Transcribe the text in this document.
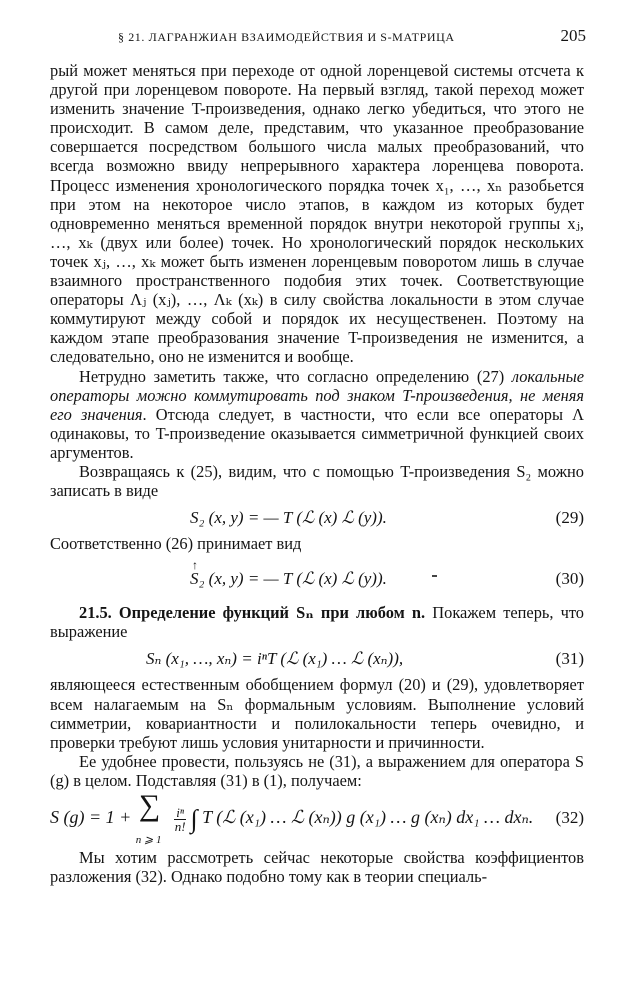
§ 21. ЛАГРАНЖИАН ВЗАИМОДЕЙСТВИЯ И S-МАТРИЦА	205

рый может меняться при переходе от одной лоренцевой системы отсчета к другой при лоренцевом повороте. На первый взгляд, такой переход может изменить значение T-произведения, однако легко убедиться, что этого не происходит. В самом деле, представим, что указанное преобразование совершается посредством большого числа малых преобразований, что всегда возможно ввиду непрерывного характера лоренцева поворота. Процесс изменения хронологического порядка точек x₁, …, xₙ разобьется при этом на некоторое число этапов, в каждом из которых будет одновременно меняться временной порядок внутри некоторой группы xⱼ, …, xₖ (двух или более) точек. Но хронологический порядок нескольких точек xⱼ, …, xₖ может быть изменен лоренцевым поворотом лишь в случае взаимного пространственного подобия этих точек. Соответствующие операторы Λⱼ (xⱼ), …, Λₖ (xₖ) в силу свойства локальности в этом случае коммутируют между собой и порядок их несущественен. Поэтому на каждом этапе преобразования значение T-произведения не изменится, а следовательно, оно не изменится и вообще.

Нетрудно заметить также, что согласно определению (27) локальные операторы можно коммутировать под знаком T-произведения, не меняя его значения. Отсюда следует, в частности, что если все операторы Λ одинаковы, то T-произведение оказывается симметричной функцией своих аргументов.

Возвращаясь к (25), видим, что с помощью T-произведения S₂ можно записать в виде

S₂ (x, y) = — T (ℒ (x) ℒ (y)).	(29)

Соответственно (26) принимает вид

↑ S₂ (x, y) = — T (ℒ (x) ℒ (y)).	(30)

21.5. Определение функций Sₙ при любом n. Покажем теперь, что выражение

Sₙ (x₁, …, xₙ) = iⁿT (ℒ (x₁) … ℒ (xₙ)),	(31)

являющееся естественным обобщением формул (20) и (29), удовлетворяет всем налагаемым на Sₙ формальным условиям. Выполнение условий симметрии, ковариантности и полилокальности теперь очевидно, и проверки требуют лишь условия унитарности и причинности.

Ее удобнее провести, пользуясь не (31), а выражением для оператора S (g) в целом. Подставляя (31) в (1), получаем:

S (g) = 1 + ∑
n ⩾ 1

$\frac{\text{iⁿ}}{n!}$ ∫ T (ℒ (x₁) … ℒ (xₙ)) g (x₁) … g (xₙ) dx₁ … dxₙ. (32)

Мы хотим рассмотреть сейчас некоторые свойства коэффициентов разложения (32). Однако подобно тому как в теории специаль-
